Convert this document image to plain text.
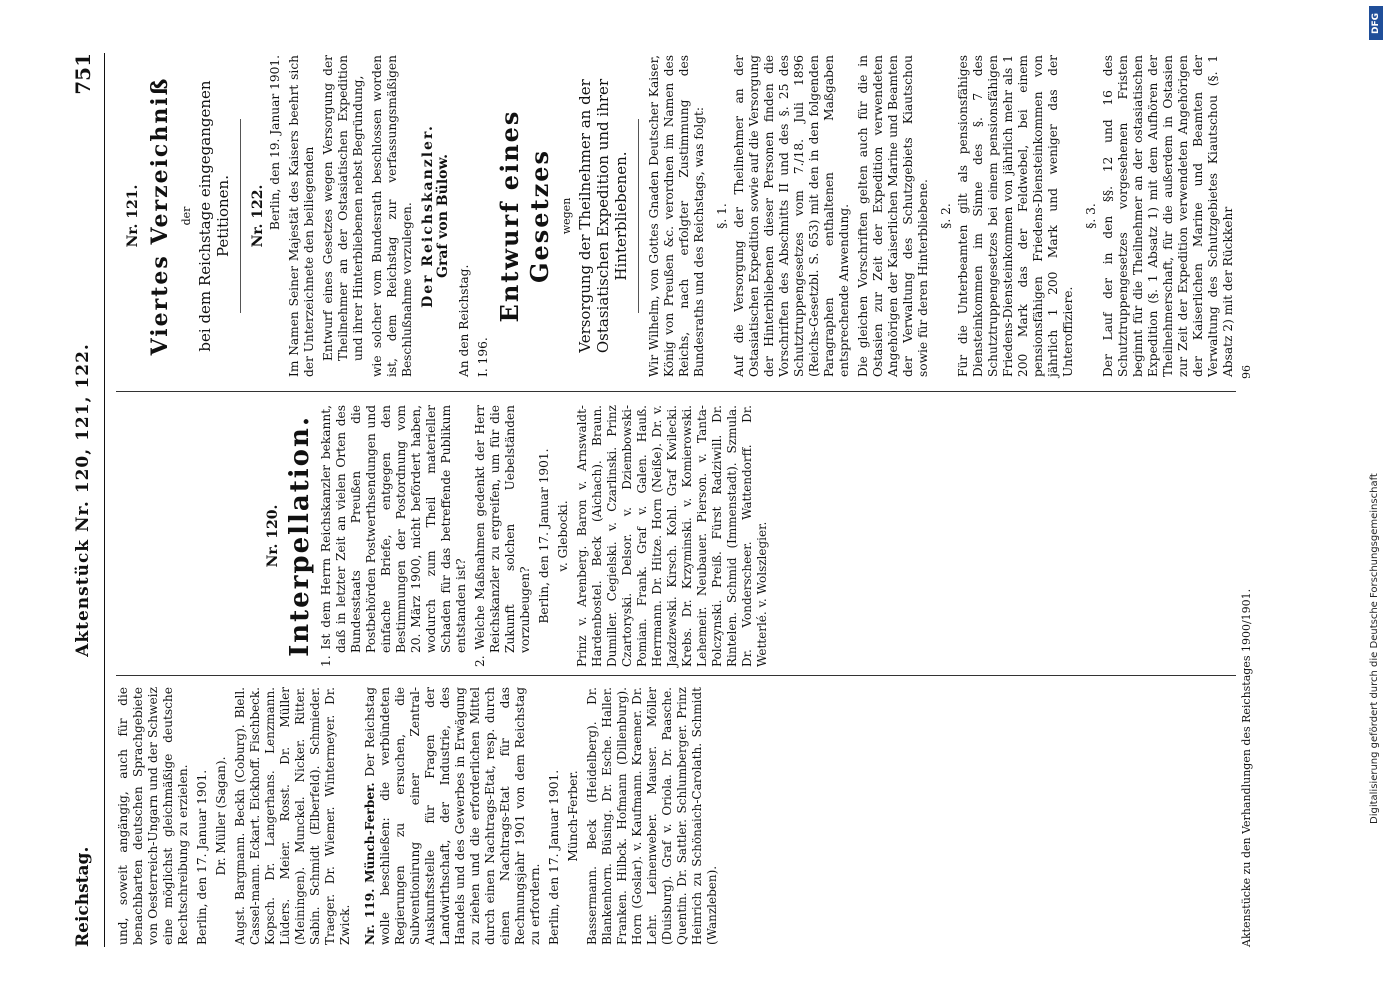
Reichstag.
Aktenstück Nr. 120, 121, 122.
751

und, soweit angängig, auch für die benachbarten deutschen Sprachgebiete von Oesterreich-Ungarn und der Schweiz eine möglichst gleichmäßige deutsche Rechtschreibung zu erzielen. Berlin, den 17. Januar 1901. Dr. Müller (Sagan). Augst. Bargmann. Beckh (Coburg). Blell. Cassel-mann. Eckart. Eickhoff. Fischbeck. Kopsch. Dr. Langerhans. Lenzmann. Lüders. Meier. Rosst. Dr. Müller (Meiningen). Munckel. Nicker. Ritter. Sabin. Schmidt (Elberfeld). Schmieder. Traeger. Dr. Wiemer. Wintermeyer. Dr. Zwick. Nr. 119. Münch-Ferber. Der Reichstag wolle beschließen: die verbündeten Regierungen zu ersuchen, die Subventionirung einer Zentral-Auskunftsstelle für Fragen der Landwirthschaft, der Industrie, des Handels und des Gewerbes in Erwägung zu ziehen und die erforderlichen Mittel durch einen Nachtrags-Etat, resp. durch einen Nachtrags-Etat für das Rechnungsjahr 1901 von dem Reichstag zu erfordern. Berlin, den 17. Januar 1901. Münch-Ferber. Bassermann. Beck (Heidelberg). Dr. Blankenhorn. Büsing. Dr. Esche. Haller. Franken. Hilbck. Hofmann (Dillenburg). Horn (Goslar). v. Kaufmann. Kraemer. Dr. Lehr. Leinenweber. Mauser. Möller (Duisburg). Graf v. Oriola. Dr. Paasche. Quentin. Dr. Sattler. Schlumberger. Prinz Heinrich zu Schönaich-Carolath. Schmidt (Wanzleben).

Nr. 120. Interpellation. 1. Ist dem Herrn Reichskanzler bekannt, daß in letzter Zeit an vielen Orten des Bundesstaats Preußen die Postbehörden Postwerthsendungen und einfache Briefe, entgegen den Bestimmungen der Postordnung vom 20. März 1900, nicht befördert haben, wodurch zum Theil materieller Schaden für das betreffende Publikum entstanden ist? 2. Welche Maßnahmen gedenkt der Herr Reichskanzler zu ergreifen, um für die Zukunft solchen Uebelständen vorzubeugen? Berlin, den 17. Januar 1901. v. Glebocki. Prinz v. Arenberg. Baron v. Arnswaldt-Hardenbostel. Beck (Aichach). Braun. Dumiller. Cegielski. v. Czarlinski. Prinz Czartoryski. Delsor. v. Dziembowski-Pomian. Frank. Graf v. Galen. Hauß. Herrmann. Dr. Hitze. Horn (Neiße). Dr. v. Jazdzewski. Kirsch. Kohl. Graf Kwilecki. Krebs. Dr. Krzyminski. v. Komierowski. Lehemeir. Neubauer. Pierson. v. Tanta-Polczynski. Preiß. Fürst Radziwill. Dr. Rintelen. Schmid (Immenstadt). Szmula. Dr. Vonderscheer. Wattendorff. Dr. Wetterlé. v. Wolszlegier.

Nr. 121. Viertes Verzeichniß der bei dem Reichstage eingegangenen Petitionen. Nr. 122. Berlin, den 19. Januar 1901. Im Namen Seiner Majestät des Kaisers beehrt sich der Unterzeichnete den beiliegenden Entwurf eines Gesetzes wegen Versorgung der Theilnehmer an der Ostasiatischen Expedition und ihrer Hinterbliebenen nebst Begründung, wie solcher vom Bundesrath beschlossen worden ist, dem Reichstag zur verfassungsmäßigen Beschlußnahme vorzulegen. Der Reichskanzler. Graf von Bülow.

An den Reichstag. I. 196.

Entwurf eines Gesetzes wegen Versorgung der Theilnehmer an der Ostasiatischen Expedition und ihrer Hinterbliebenen. Wir Wilhelm, von Gottes Gnaden Deutscher Kaiser, König von Preußen &c. verordnen im Namen des Reichs, nach erfolgter Zustimmung des Bundesraths und des Reichstags, was folgt: §. 1. Auf die Versorgung der Theilnehmer an der Ostasiatischen Expedition sowie auf die Versorgung der Hinterbliebenen dieser Personen finden die Vorschriften des Abschnitts II und des §. 25 des Schutztruppengesetzes vom 7./18. Juli 1896 (Reichs-Gesetzbl. S. 653) mit den in den folgenden Paragraphen enthaltenen Maßgaben entsprechende Anwendung. Die gleichen Vorschriften gelten auch für die in Ostasien zur Zeit der Expedition verwendeten Angehörigen der Kaiserlichen Marine und Beamten der Verwaltung des Schutzgebiets Kiautschou sowie für deren Hinterbliebene. §. 2. Für die Unterbeamten gilt als pensionsfähiges Diensteinkommen im Sinne des §. 7 des Schutztruppengesetzes bei einem pensionsfähigen Friedens-Diensteinkommen von jährlich mehr als 1 200 Mark das der Feldwebel, bei einem pensionsfähigen Friedens-Diensteinkommen von jährlich 1 200 Mark und weniger das der Unteroffiziere.

§. 3. Der Lauf der in den §§. 12 und 16 des Schutztruppengesetzes vorgesehenen Fristen beginnt für die Theilnehmer an der ostasiatischen Expedition (§. 1 Absatz 1) mit dem Aufhören der Theilnehmerschaft, für die außerdem in Ostasien zur Zeit der Expedition verwendeten Angehörigen der Kaiserlichen Marine und Beamten der Verwaltung des Schutzgebietes Kiautschou (§. 1 Absatz 2) mit der Rückkehr

Aktenstücke zu den Verhandlungen des Reichstages 1900/1901.
96
DFG
Digitalisierung gefördert durch die Deutsche Forschungsgemeinschaft
